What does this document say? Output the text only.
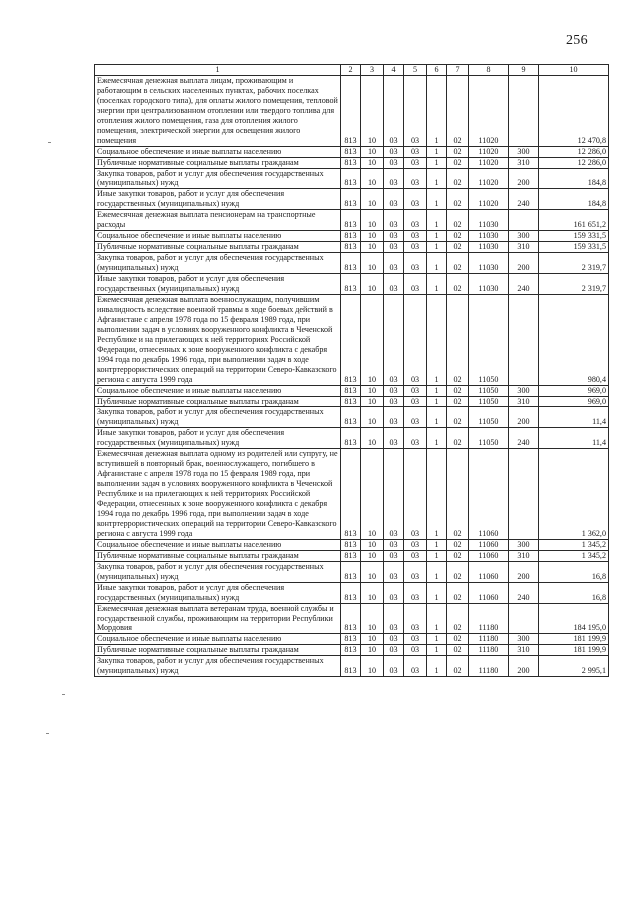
256
1	2	3	4	5	6	7	8	9	10
Ежемесячная денежная выплата лицам, проживающим и работающим в сельских населенных пунктах, рабочих поселках (поселках городского типа), для оплаты жилого помещения, тепловой энергии при централизованном отоплении или твердого топлива для отопления жилого помещения, газа для отопления жилого помещения, электрической энергии для освещения жилого помещения	813	10	03	03	1	02	11020		12 470,8
Социальное обеспечение и иные выплаты населению	813	10	03	03	1	02	11020	300	12 286,0
Публичные нормативные социальные выплаты гражданам	813	10	03	03	1	02	11020	310	12 286,0
Закупка товаров, работ и услуг для обеспечения государственных (муниципальных) нужд	813	10	03	03	1	02	11020	200	184,8
Иные закупки товаров, работ и услуг для обеспечения государственных (муниципальных) нужд	813	10	03	03	1	02	11020	240	184,8
Ежемесячная денежная выплата пенсионерам на транспортные расходы	813	10	03	03	1	02	11030		161 651,2
Социальное обеспечение и иные выплаты населению	813	10	03	03	1	02	11030	300	159 331,5
Публичные нормативные социальные выплаты гражданам	813	10	03	03	1	02	11030	310	159 331,5
Закупка товаров, работ и услуг для обеспечения государственных (муниципальных) нужд	813	10	03	03	1	02	11030	200	2 319,7
Иные закупки товаров, работ и услуг для обеспечения государственных (муниципальных) нужд	813	10	03	03	1	02	11030	240	2 319,7
Ежемесячная денежная выплата военнослужащим, получившим инвалидность вследствие военной травмы в ходе боевых действий в Афганистане с апреля 1978 года по 15 февраля 1989 года, при выполнении задач в условиях вооруженного конфликта в Чеченской Республике и на прилегающих к ней территориях Российской Федерации, отнесенных к зоне вооруженного конфликта с декабря 1994 года по декабрь 1996 года, при выполнении задач в ходе контртеррористических операций на территории Северо-Кавказского региона с августа 1999 года	813	10	03	03	1	02	11050		980,4
Социальное обеспечение и иные выплаты населению	813	10	03	03	1	02	11050	300	969,0
Публичные нормативные социальные выплаты гражданам	813	10	03	03	1	02	11050	310	969,0
Закупка товаров, работ и услуг для обеспечения государственных (муниципальных) нужд	813	10	03	03	1	02	11050	200	11,4
Иные закупки товаров, работ и услуг для обеспечения государственных (муниципальных) нужд	813	10	03	03	1	02	11050	240	11,4
Ежемесячная денежная выплата одному из родителей или супругу, не вступившей в повторный брак, военнослужащего, погибшего в Афганистане с апреля 1978 года по 15 февраля 1989 года, при выполнении задач в условиях вооруженного конфликта в Чеченской Республике и на прилегающих к ней территориях Российской Федерации, отнесенных к зоне вооруженного конфликта с декабря 1994 года по декабрь 1996 года, при выполнении задач в ходе контртеррористических операций на территории Северо-Кавказского региона с августа 1999 года	813	10	03	03	1	02	11060		1 362,0
Социальное обеспечение и иные выплаты населению	813	10	03	03	1	02	11060	300	1 345,2
Публичные нормативные социальные выплаты гражданам	813	10	03	03	1	02	11060	310	1 345,2
Закупка товаров, работ и услуг для обеспечения государственных (муниципальных) нужд	813	10	03	03	1	02	11060	200	16,8
Иные закупки товаров, работ и услуг для обеспечения государственных (муниципальных) нужд	813	10	03	03	1	02	11060	240	16,8
Ежемесячная денежная выплата ветеранам труда, военной службы и государственной службы, проживающим на территории Республики Мордовия	813	10	03	03	1	02	11180		184 195,0
Социальное обеспечение и иные выплаты населению	813	10	03	03	1	02	11180	300	181 199,9
Публичные нормативные социальные выплаты гражданам	813	10	03	03	1	02	11180	310	181 199,9
Закупка товаров, работ и услуг для обеспечения государственных (муниципальных) нужд	813	10	03	03	1	02	11180	200	2 995,1
